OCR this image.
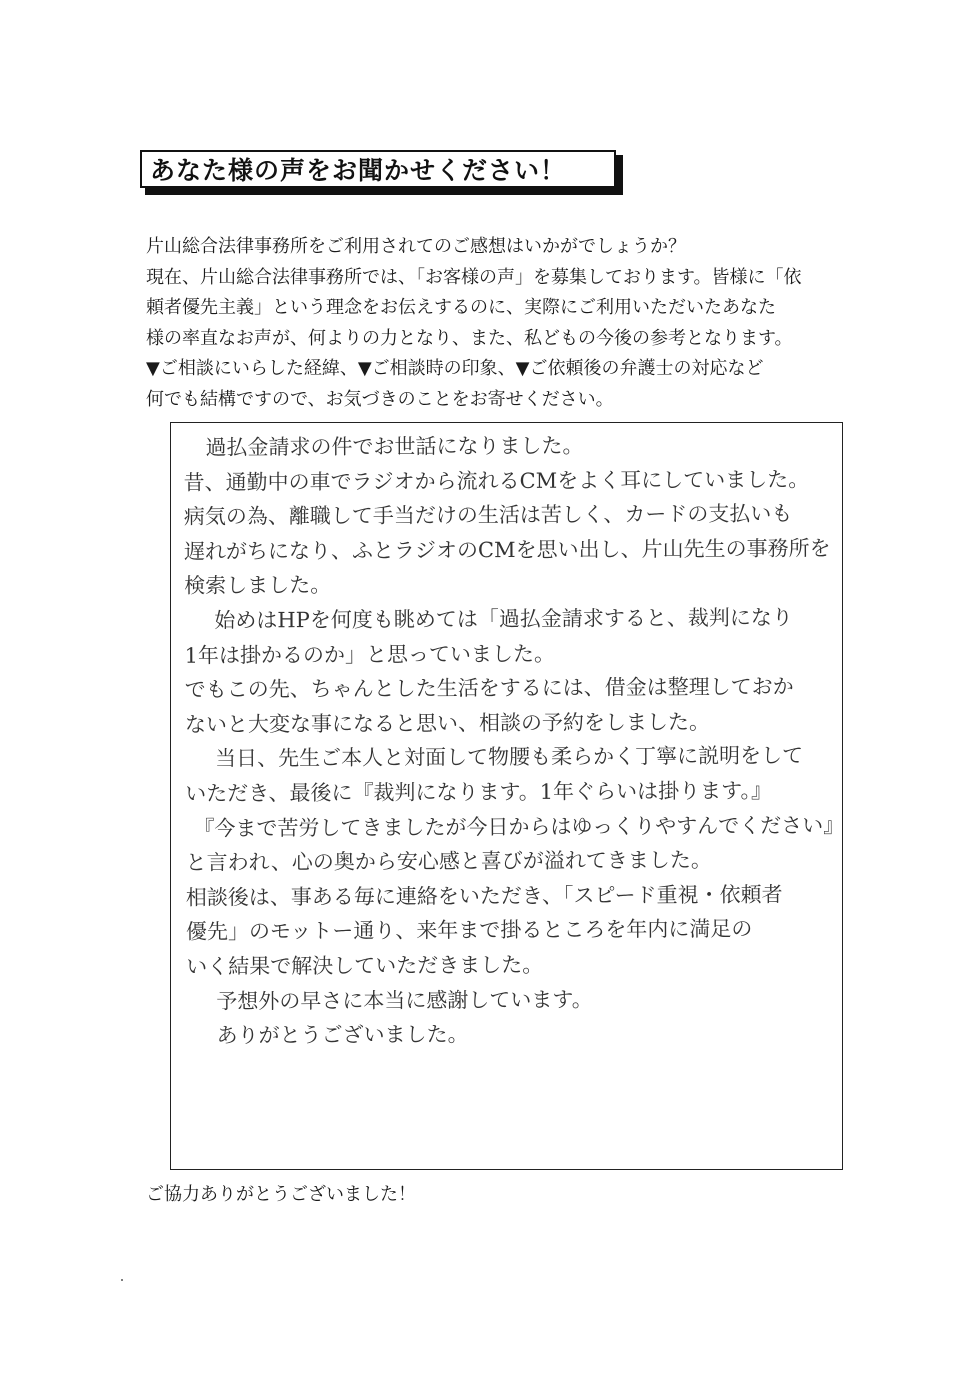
あなた様の声をお聞かせください！

片山総合法律事務所をご利用されてのご感想はいかがでしょうか？

現在、片山総合法律事務所では、「お客様の声」を募集しております。皆様に「依

頼者優先主義」という理念をお伝えするのに、実際にご利用いただいたあなた

様の率直なお声が、何よりの力となり、また、私どもの今後の参考となります。

▼ご相談にいらした経緯、▼ご相談時の印象、▼ご依頼後の弁護士の対応など

何でも結構ですので、お気づきのことをお寄せください。

過払金請求の件でお世話になりました。

昔、通勤中の車でラジオから流れるCMをよく耳にしていました。

病気の為、離職して手当だけの生活は苦しく、カードの支払いも

遅れがちになり、ふとラジオのCMを思い出し、片山先生の事務所を

検索しました。

始めはHPを何度も眺めては「過払金請求すると、裁判になり

1年は掛かるのか」と思っていました。

でもこの先、ちゃんとした生活をするには、借金は整理しておか

ないと大変な事になると思い、相談の予約をしました。

当日、先生ご本人と対面して物腰も柔らかく丁寧に説明をして

いただき、最後に『裁判になります。1年ぐらいは掛ります。』

『今まで苦労してきましたが今日からはゆっくりやすんでください』

と言われ、心の奥から安心感と喜びが溢れてきました。

相談後は、事ある毎に連絡をいただき、「スピード重視・依頼者

優先」のモットー通り、来年まで掛るところを年内に満足の

いく結果で解決していただきました。

予想外の早さに本当に感謝しています。

ありがとうございました。

ご協力ありがとうございました！
